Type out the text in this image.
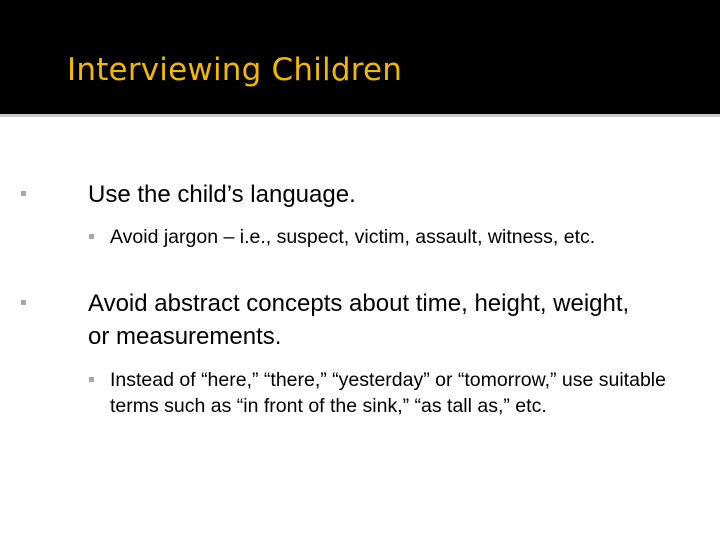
Interviewing Children
▪	Use the child’s language.
▪ Avoid jargon – i.e., suspect, victim, assault, witness, etc.
▪	Avoid abstract concepts about time, height, weight, or measurements.
▪ Instead of “here,” “there,” “yesterday” or “tomorrow,” use suitable terms such as “in front of the sink,” “as tall as,” etc.
